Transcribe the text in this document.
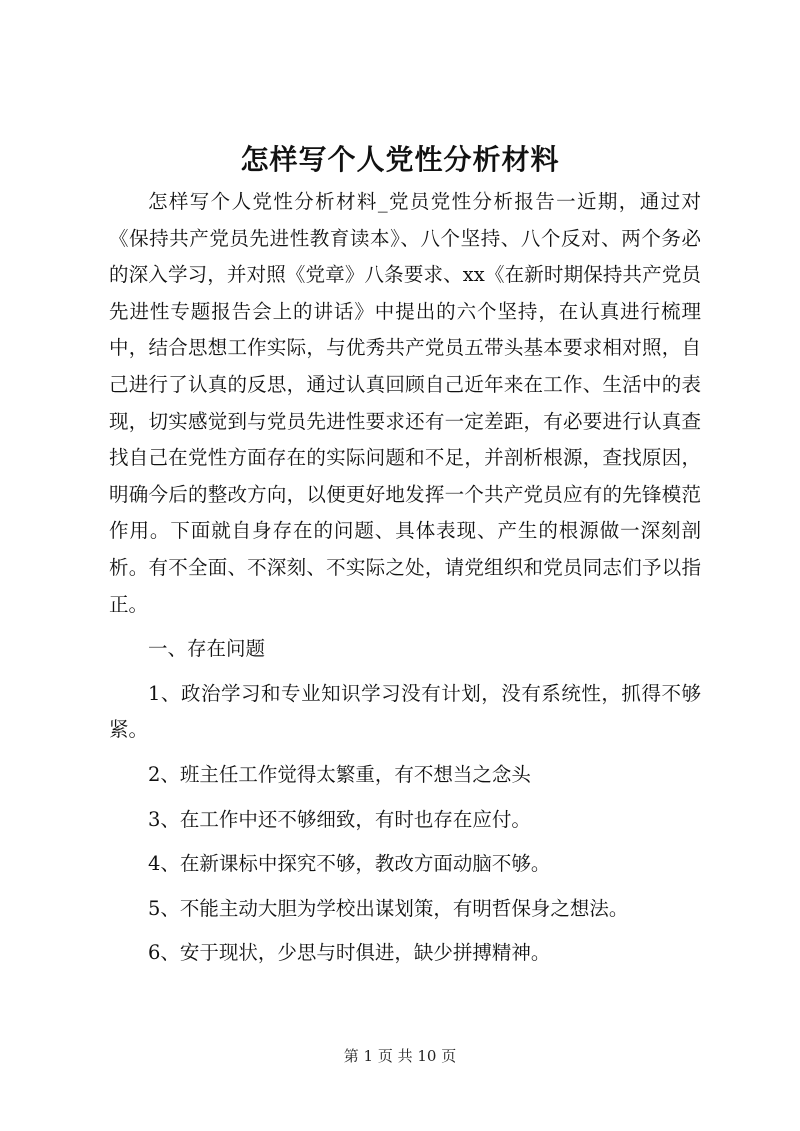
怎样写个人党性分析材料

怎样写个人党性分析材料_党员党性分析报告一近期，通过对《保持共产党员先进性教育读本》、八个坚持、八个反对、两个务必的深入学习，并对照《党章》八条要求、xx《在新时期保持共产党员先进性专题报告会上的讲话》中提出的六个坚持，在认真进行梳理中，结合思想工作实际，与优秀共产党员五带头基本要求相对照，自己进行了认真的反思，通过认真回顾自己近年来在工作、生活中的表现，切实感觉到与党员先进性要求还有一定差距，有必要进行认真查找自己在党性方面存在的实际问题和不足，并剖析根源，查找原因，明确今后的整改方向，以便更好地发挥一个共产党员应有的先锋模范作用。下面就自身存在的问题、具体表现、产生的根源做一深刻剖析。有不全面、不深刻、不实际之处，请党组织和党员同志们予以指正。

一、存在问题

1、政治学习和专业知识学习没有计划，没有系统性，抓得不够紧。

2、班主任工作觉得太繁重，有不想当之念头

3、在工作中还不够细致，有时也存在应付。

4、在新课标中探究不够，教改方面动脑不够。

5、不能主动大胆为学校出谋划策，有明哲保身之想法。

6、安于现状，少思与时俱进，缺少拼搏精神。

第 1 页 共 10 页
